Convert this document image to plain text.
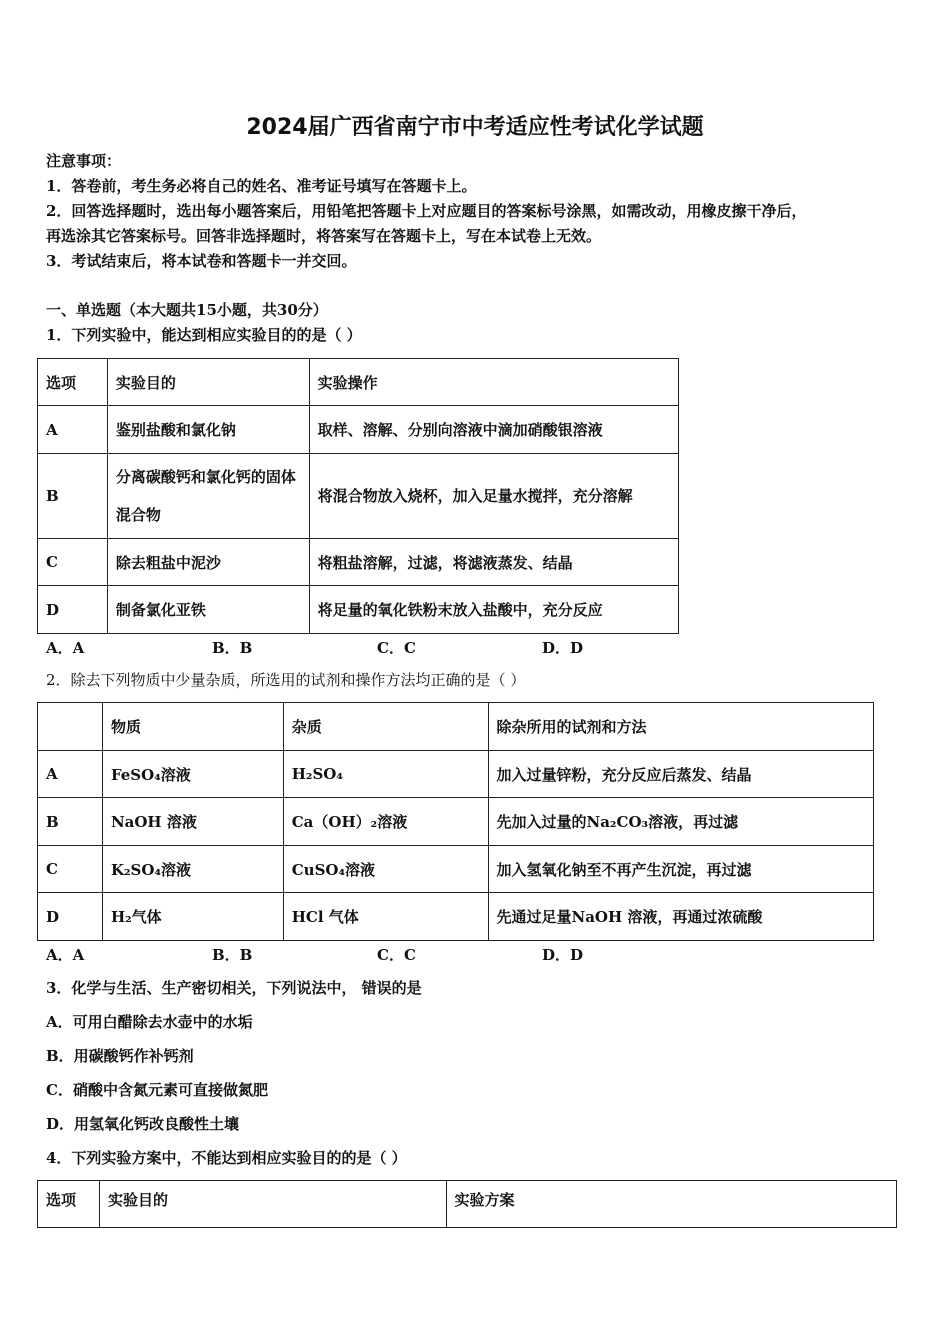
2024届广西省南宁市中考适应性考试化学试题
注意事项：
1．答卷前，考生务必将自己的姓名、准考证号填写在答题卡上。
2．回答选择题时，选出每小题答案后，用铅笔把答题卡上对应题目的答案标号涂黑，如需改动，用橡皮擦干净后，
再选涂其它答案标号。回答非选择题时，将答案写在答题卡上，写在本试卷上无效。
3．考试结束后，将本试卷和答题卡一并交回。
一、单选题（本大题共15小题，共30分）
1．下列实验中，能达到相应实验目的的是（ ）
选项	实验目的	实验操作
A	鉴别盐酸和氯化钠	取样、溶解、分别向溶液中滴加硝酸银溶液
B	分离碳酸钙和氯化钙的固体混合物	将混合物放入烧杯，加入足量水搅拌，充分溶解
C	除去粗盐中泥沙	将粗盐溶解，过滤，将滤液蒸发、结晶
D	制备氯化亚铁	将足量的氧化铁粉末放入盐酸中，充分反应
A．A	B．B	C．C	D．D
2．除去下列物质中少量杂质，所选用的试剂和操作方法均正确的是（ ）
	物质	杂质	除杂所用的试剂和方法
A	FeSO₄溶液	H₂SO₄	加入过量锌粉，充分反应后蒸发、结晶
B	NaOH 溶液	Ca（OH）₂溶液	先加入过量的Na₂CO₃溶液，再过滤
C	K₂SO₄溶液	CuSO₄溶液	加入氢氧化钠至不再产生沉淀，再过滤
D	H₂气体	HCl 气体	先通过足量NaOH 溶液，再通过浓硫酸
A．A	B．B	C．C	D．D
3．化学与生活、生产密切相关，下列说法中， 错误的是
A．可用白醋除去水壶中的水垢
B．用碳酸钙作补钙剂
C．硝酸中含氮元素可直接做氮肥
D．用氢氧化钙改良酸性土壤
4．下列实验方案中，不能达到相应实验目的的是（ ）
选项	实验目的	实验方案
